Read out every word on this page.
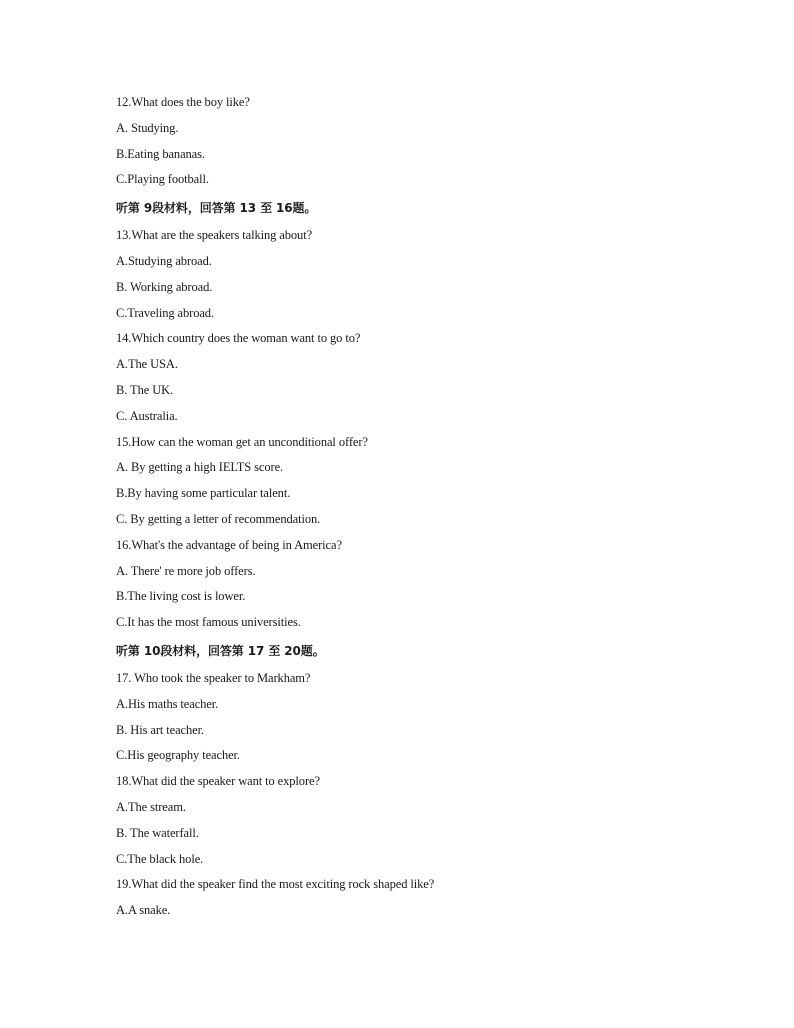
12.What does the boy like?
A. Studying.
B.Eating bananas.
C.Playing football.
听第 9段材料，回答第 13 至 16题。
13.What are the speakers talking about?
A.Studying abroad.
B. Working abroad.
C.Traveling abroad.
14.Which country does the woman want to go to?
A.The USA.
B. The UK.
C. Australia.
15.How can the woman get an unconditional offer?
A. By getting a high IELTS score.
B.By having some particular talent.
C. By getting a letter of recommendation.
16.What's the advantage of being in America?
A. There' re more job offers.
B.The living cost is lower.
C.It has the most famous universities.
听第 10段材料，回答第 17 至 20题。
17. Who took the speaker to Markham?
A.His maths teacher.
B. His art teacher.
C.His geography teacher.
18.What did the speaker want to explore?
A.The stream.
B. The waterfall.
C.The black hole.
19.What did the speaker find the most exciting rock shaped like?
A.A snake.
